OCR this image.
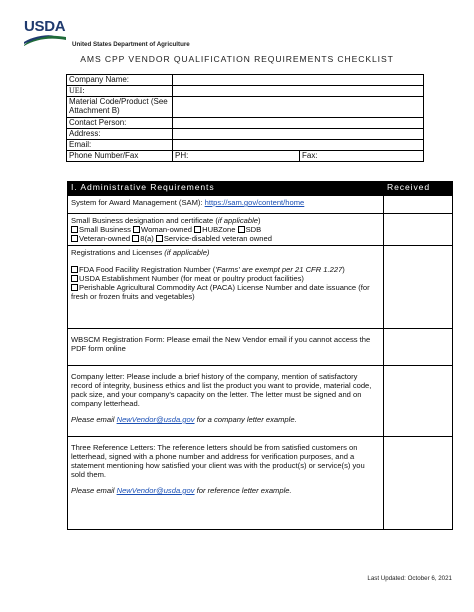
USDA
United States Department of Agriculture
AMS CPP VENDOR QUALIFICATION REQUIREMENTS CHECKLIST
Company Name:		
UEI:		
Material Code/Product (See Attachment B)		
Contact Person:		
Address:		
Email:		
Phone Number/Fax	PH:	Fax:
I. Administrative Requirements	Received
System for Award Management (SAM): https://sam.gov/content/home	

Small Business designation and certificate (if applicable)

Small Business Woman-owned HUBZone SDB

Veteran-owned 8(a) Service-disabled veteran owned	

Registrations and Licenses (if applicable)

FDA Food Facility Registration Number ('Farms' are exempt per 21 CFR 1.227)

USDA Establishment Number (for meat or poultry product facilities)

Perishable Agricultural Commodity Act (PACA) License Number and date issuance (for fresh or frozen fruits and vegetables)	

WBSCM Registration Form: Please email the New Vendor email if you cannot access the PDF form online	

Company letter: Please include a brief history of the company, mention of satisfactory record of integrity, business ethics and list the product you want to provide, material code, pack size, and your company's capacity on the letter. The letter must be signed and on company letterhead.

Please email NewVendor@usda.gov for a company letter example.	

Three Reference Letters: The reference letters should be from satisfied customers on letterhead, signed with a phone number and address for verification purposes, and a statement mentioning how satisfied your client was with the product(s) or service(s) you sold them.

Please email NewVendor@usda.gov for reference letter example.	

Last Updated: October 6, 2021
